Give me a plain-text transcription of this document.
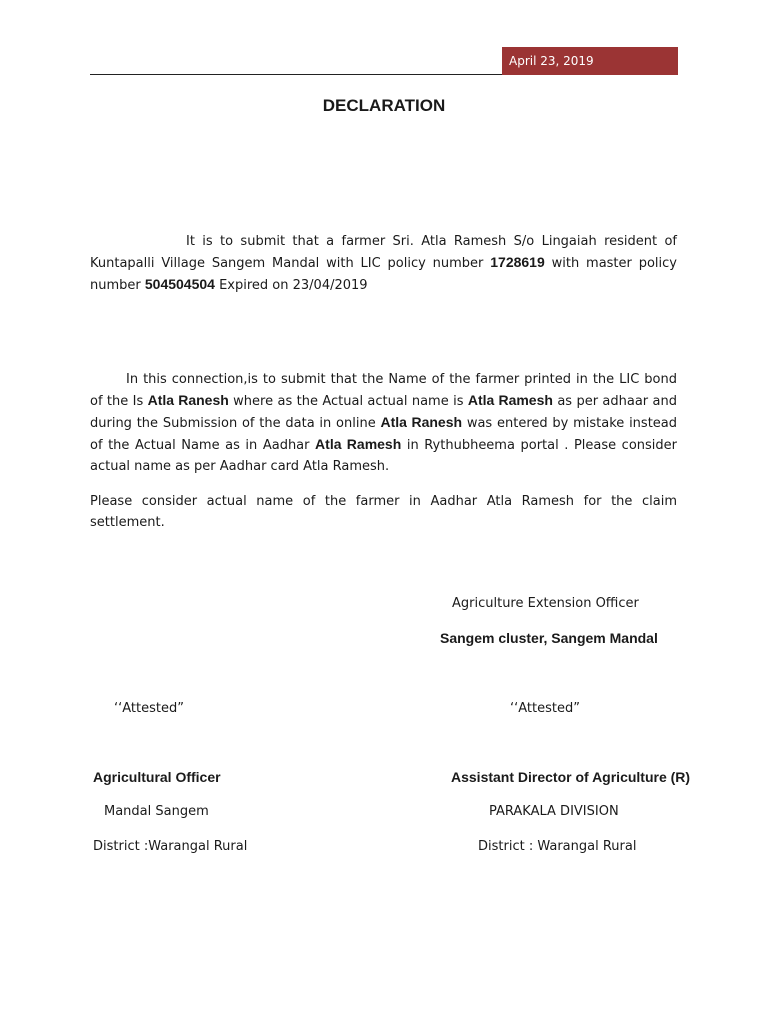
April 23, 2019
DECLARATION
It is to submit that a farmer Sri. Atla Ramesh S/o Lingaiah resident of Kuntapalli Village Sangem Mandal with LIC policy number 1728619 with master policy number 504504504 Expired on 23/04/2019
In this connection,is to submit that the Name of the farmer printed in the LIC bond of the Is Atla Ranesh where as the Actual actual name is Atla Ramesh as per adhaar and during the Submission of the data in online Atla Ranesh was entered by mistake instead of the Actual Name as in Aadhar Atla Ramesh in Rythubheema portal . Please consider actual name as per Aadhar card Atla Ramesh.
Please consider actual name of the farmer in Aadhar Atla Ramesh for the claim settlement.
Agriculture Extension Officer
Sangem cluster, Sangem Mandal
‘‘Attested”	‘‘Attested”
Agricultural Officer	Assistant Director of Agriculture (R)
Mandal Sangem	PARAKALA DIVISION
District :Warangal Rural	District : Warangal Rural
